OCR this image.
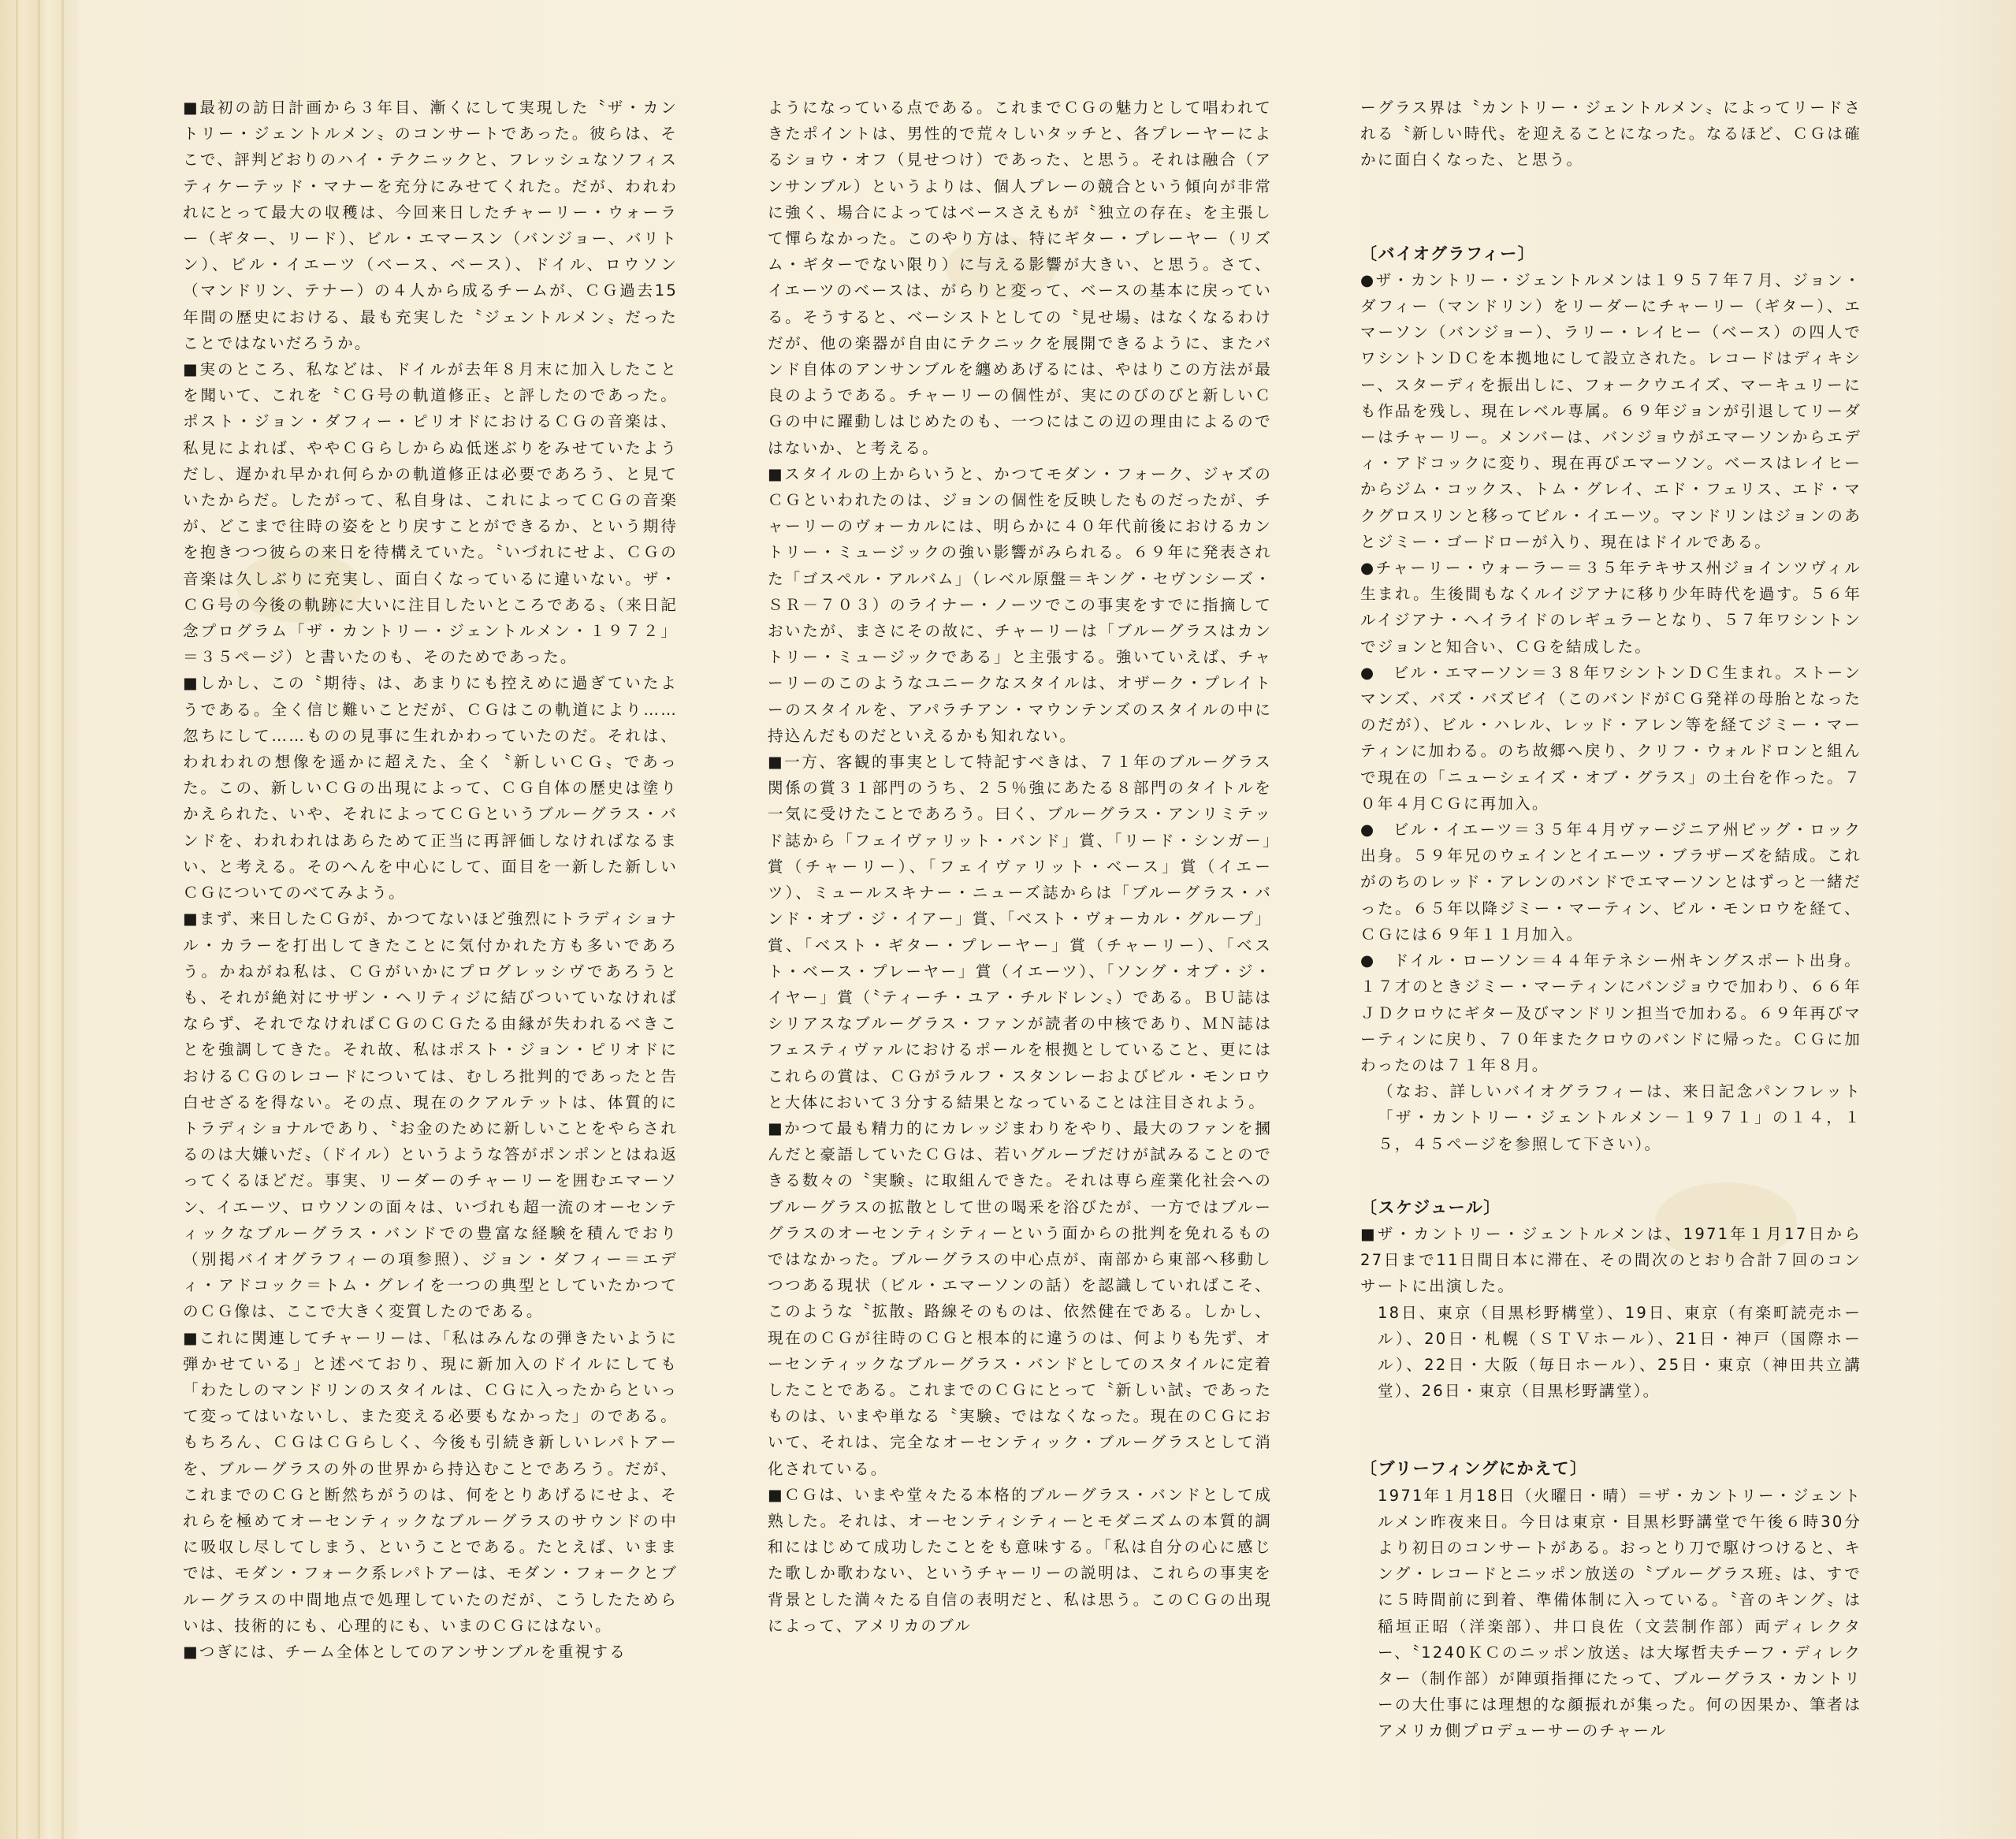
■最初の訪日計画から３年目、漸くにして実現した〝ザ・カントリー・ジェントルメン〟のコンサートであった。彼らは、そこで、評判どおりのハイ・テクニックと、フレッシュなソフィスティケーテッド・マナーを充分にみせてくれた。だが、われわれにとって最大の収穫は、今回来日したチャーリー・ウォーラー（ギター、リード）、ビル・エマースン（バンジョー、バリトン）、ビル・イエーツ（ベース、ベース）、ドイル、ロウソン（マンドリン、テナー）の４人から成るチームが、ＣＧ過去15年間の歴史における、最も充実した〝ジェントルメン〟だったことではないだろうか。

■実のところ、私などは、ドイルが去年８月末に加入したことを聞いて、これを〝ＣＧ号の軌道修正〟と評したのであった。ポスト・ジョン・ダフィー・ピリオドにおけるＣＧの音楽は、私見によれば、ややＣＧらしからぬ低迷ぶりをみせていたようだし、遅かれ早かれ何らかの軌道修正は必要であろう、と見ていたからだ。したがって、私自身は、これによってＣＧの音楽が、どこまで往時の姿をとり戻すことができるか、という期待を抱きつつ彼らの来日を待構えていた。〝いづれにせよ、ＣＧの音楽は久しぶりに充実し、面白くなっているに違いない。ザ・ＣＧ号の今後の軌跡に大いに注目したいところである〟（来日記念プログラム「ザ・カントリー・ジェントルメン・１９７２」＝３５ページ）と書いたのも、そのためであった。

■しかし、この〝期待〟は、あまりにも控えめに過ぎていたようである。全く信じ難いことだが、ＣＧはこの軌道により……忽ちにして……ものの見事に生れかわっていたのだ。それは、われわれの想像を遥かに超えた、全く〝新しいＣＧ〟であった。この、新しいＣＧの出現によって、ＣＧ自体の歴史は塗りかえられた、いや、それによってＣＧというブルーグラス・バンドを、われわれはあらためて正当に再評価しなければなるまい、と考える。そのへんを中心にして、面目を一新した新しいＣＧについてのべてみよう。

■まず、来日したＣＧが、かつてないほど強烈にトラディショナル・カラーを打出してきたことに気付かれた方も多いであろう。かねがね私は、ＣＧがいかにプログレッシヴであろうとも、それが絶対にサザン・ヘリティジに結びついていなければならず、それでなければＣＧのＣＧたる由縁が失われるべきことを強調してきた。それ故、私はポスト・ジョン・ピリオドにおけるＣＧのレコードについては、むしろ批判的であったと告白せざるを得ない。その点、現在のクアルテットは、体質的にトラディショナルであり、〝お金のために新しいことをやらされるのは大嫌いだ〟（ドイル）というような答がポンポンとはね返ってくるほどだ。事実、リーダーのチャーリーを囲むエマーソン、イエーツ、ロウソンの面々は、いづれも超一流のオーセンティックなブルーグラス・バンドでの豊富な経験を積んでおり（別掲バイオグラフィーの項参照）、ジョン・ダフィー＝エディ・アドコック＝トム・グレイを一つの典型としていたかつてのＣＧ像は、ここで大きく変質したのである。

■これに関連してチャーリーは、「私はみんなの弾きたいように弾かせている」と述べており、現に新加入のドイルにしても「わたしのマンドリンのスタイルは、ＣＧに入ったからといって変ってはいないし、また変える必要もなかった」のである。もちろん、ＣＧはＣＧらしく、今後も引続き新しいレパトアーを、ブルーグラスの外の世界から持込むことであろう。だが、これまでのＣＧと断然ちがうのは、何をとりあげるにせよ、それらを極めてオーセンティックなブルーグラスのサウンドの中に吸収し尽してしまう、ということである。たとえば、いままでは、モダン・フォーク系レパトアーは、モダン・フォークとブルーグラスの中間地点で処理していたのだが、こうしたためらいは、技術的にも、心理的にも、いまのＣＧにはない。

■つぎには、チーム全体としてのアンサンブルを重視する

ようになっている点である。これまでＣＧの魅力として唱われてきたポイントは、男性的で荒々しいタッチと、各プレーヤーによるショウ・オフ（見せつけ）であった、と思う。それは融合（アンサンブル）というよりは、個人プレーの競合という傾向が非常に強く、場合によってはベースさえもが〝独立の存在〟を主張して憚らなかった。このやり方は、特にギター・プレーヤー（リズム・ギターでない限り）に与える影響が大きい、と思う。さて、イエーツのベースは、がらりと変って、ベースの基本に戻っている。そうすると、ベーシストとしての〝見せ場〟はなくなるわけだが、他の楽器が自由にテクニックを展開できるように、またバンド自体のアンサンブルを纏めあげるには、やはりこの方法が最良のようである。チャーリーの個性が、実にのびのびと新しいＣＧの中に躍動しはじめたのも、一つにはこの辺の理由によるのではないか、と考える。

■スタイルの上からいうと、かつてモダン・フォーク、ジャズのＣＧといわれたのは、ジョンの個性を反映したものだったが、チャーリーのヴォーカルには、明らかに４０年代前後におけるカントリー・ミュージックの強い影響がみられる。６９年に発表された「ゴスペル・アルバム」（レベル原盤＝キング・セヴンシーズ・ＳＲ－７０３）のライナー・ノーツでこの事実をすでに指摘しておいたが、まさにその故に、チャーリーは「ブルーグラスはカントリー・ミュージックである」と主張する。強いていえば、チャーリーのこのようなユニークなスタイルは、オザーク・プレイトーのスタイルを、アパラチアン・マウンテンズのスタイルの中に持込んだものだといえるかも知れない。

■一方、客観的事実として特記すべきは、７１年のブルーグラス関係の賞３１部門のうち、２５％強にあたる８部門のタイトルを一気に受けたことであろう。曰く、ブルーグラス・アンリミテッド誌から「フェイヴァリット・バンド」賞、「リード・シンガー」賞（チャーリー）、「フェイヴァリット・ベース」賞（イエーツ）、ミュールスキナー・ニューズ誌からは「ブルーグラス・バンド・オブ・ジ・イアー」賞、「ベスト・ヴォーカル・グループ」賞、「ベスト・ギター・プレーヤー」賞（チャーリー）、「ベスト・ベース・プレーヤー」賞（イエーツ）、「ソング・オブ・ジ・イヤー」賞（〝ティーチ・ユア・チルドレン〟）である。ＢＵ誌はシリアスなブルーグラス・ファンが読者の中核であり、ＭＮ誌はフェスティヴァルにおけるポールを根拠としていること、更にはこれらの賞は、ＣＧがラルフ・スタンレーおよびビル・モンロウと大体において３分する結果となっていることは注目されよう。

■かつて最も精力的にカレッジまわりをやり、最大のファンを摑んだと豪語していたＣＧは、若いグループだけが試みることのできる数々の〝実験〟に取組んできた。それは専ら産業化社会へのブルーグラスの拡散として世の喝釆を浴びたが、一方ではブルーグラスのオーセンティシティーという面からの批判を免れるものではなかった。ブルーグラスの中心点が、南部から東部へ移動しつつある現状（ビル・エマーソンの話）を認識していればこそ、このような〝拡散〟路線そのものは、依然健在である。しかし、現在のＣＧが往時のＣＧと根本的に違うのは、何よりも先ず、オーセンティックなブルーグラス・バンドとしてのスタイルに定着したことである。これまでのＣＧにとって〝新しい試〟であったものは、いまや単なる〝実験〟ではなくなった。現在のＣＧにおいて、それは、完全なオーセンティック・ブルーグラスとして消化されている。

■ＣＧは、いまや堂々たる本格的ブルーグラス・バンドとして成熟した。それは、オーセンティシティーとモダニズムの本質的調和にはじめて成功したことをも意味する。「私は自分の心に感じた歌しか歌わない、というチャーリーの説明は、これらの事実を背景とした満々たる自信の表明だと、私は思う。このＣＧの出現によって、アメリカのブル

ーグラス界は〝カントリー・ジェントルメン〟によってリードされる〝新しい時代〟を迎えることになった。なるほど、ＣＧは確かに面白くなった、と思う。

〔バイオグラフィー〕

●ザ・カントリー・ジェントルメンは１９５７年７月、ジョン・ダフィー（マンドリン）をリーダーにチャーリー（ギター）、エマーソン（バンジョー）、ラリー・レイヒー（ベース）の四人でワシントンＤＣを本拠地にして設立された。レコードはディキシー、スターディを振出しに、フォークウエイズ、マーキュリーにも作品を残し、現在レベル専属。６９年ジョンが引退してリーダーはチャーリー。メンバーは、バンジョウがエマーソンからエディ・アドコックに変り、現在再びエマーソン。ベースはレイヒーからジム・コックス、トム・グレイ、エド・フェリス、エド・マクグロスリンと移ってビル・イエーツ。マンドリンはジョンのあとジミー・ゴードローが入り、現在はドイルである。

●チャーリー・ウォーラー＝３５年テキサス州ジョインツヴィル生まれ。生後間もなくルイジアナに移り少年時代を過す。５６年ルイジアナ・ヘイライドのレギュラーとなり、５７年ワシントンでジョンと知合い、ＣＧを結成した。

●　ビル・エマーソン＝３８年ワシントンＤＣ生まれ。ストーンマンズ、バズ・バズビイ（このバンドがＣＧ発祥の母胎となったのだが）、ビル・ハレル、レッド・アレン等を経てジミー・マーティンに加わる。のち故郷へ戻り、クリフ・ウォルドロンと組んで現在の「ニューシェイズ・オブ・グラス」の土台を作った。７０年４月ＣＧに再加入。

●　ビル・イエーツ＝３５年４月ヴァージニア州ビッグ・ロック出身。５９年兄のウェインとイエーツ・ブラザーズを結成。これがのちのレッド・アレンのバンドでエマーソンとはずっと一緒だった。６５年以降ジミー・マーティン、ビル・モンロウを経て、ＣＧには６９年１１月加入。

●　ドイル・ローソン＝４４年テネシー州キングスポート出身。１７才のときジミー・マーティンにバンジョウで加わり、６６年ＪＤクロウにギター及びマンドリン担当で加わる。６９年再びマーティンに戻り、７０年またクロウのバンドに帰った。ＣＧに加わったのは７１年８月。

（なお、詳しいバイオグラフィーは、来日記念パンフレット「ザ・カントリー・ジェントルメン－１９７１」の１４，１５，４５ページを参照して下さい）。

〔スケジュール〕

■ザ・カントリー・ジェントルメンは、1971年１月17日から27日まで11日間日本に滞在、その間次のとおり合計７回のコンサートに出演した。

18日、東京（目黒杉野構堂）、19日、東京（有楽町読売ホール）、20日・札幌（ＳＴＶホール）、21日・神戸（国際ホール）、22日・大阪（毎日ホール）、25日・東京（神田共立講堂）、26日・東京（目黒杉野講堂）。

〔ブリーフィングにかえて〕

1971年１月18日（火曜日・晴）＝ザ・カントリー・ジェントルメン昨夜来日。今日は東京・目黒杉野講堂で午後６時30分より初日のコンサートがある。おっとり刀で駆けつけると、キング・レコードとニッポン放送の〝ブルーグラス班〟は、すでに５時間前に到着、準備体制に入っている。〝音のキング〟は稲垣正昭（洋楽部）、井口良佐（文芸制作部）両ディレクター、〝1240ＫＣのニッポン放送〟は大塚哲夫チーフ・ディレクター（制作部）が陣頭指揮にたって、ブルーグラス・カントリーの大仕事には理想的な顔振れが集った。何の因果か、筆者はアメリカ側プロデューサーのチャール
